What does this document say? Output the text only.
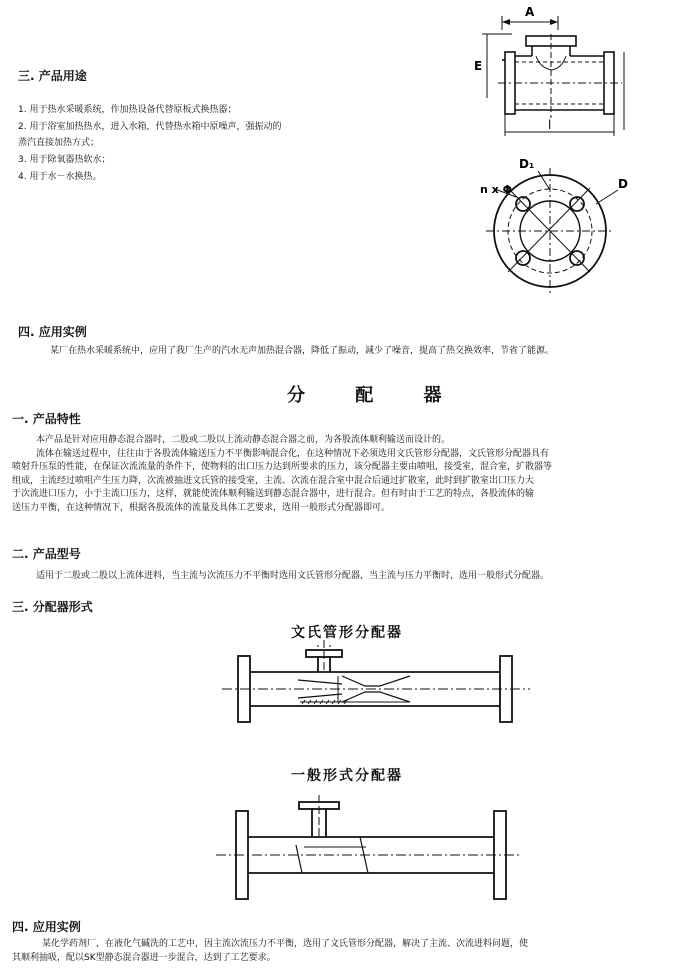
三. 产品用途
1. 用于热水采暖系统，作加热设备代替原板式换热器；
2. 用于浴室加热热水，进入水箱，代替热水箱中原噪声，强振动的
蒸汽直接加热方式；
3. 用于除氧器热软水；
4. 用于水－水换热。
A
E
l
D₁
n x Φ	D
四. 应用实例
某厂在热水采暖系统中，应用了我厂生产的汽水无声加热混合器，降低了振动，减少了噪音，提高了热交换效率，节省了能源。
分 配 器
一. 产品特性
本产品是针对应用静态混合器时，二股或二股以上流动静态混合器之前，为各股流体顺利输送而设计的。
流体在输送过程中，往往由于各股流体输送压力不平衡影响混合化，在这种情况下必须选用文氏管形分配器，文氏管形分配器具有
喷射升压泵的性能，在保证次流流量的条件下，使物料的出口压力达到所要求的压力，该分配器主要由喷咀，接受室，混合室，扩散器等
组成，主流经过喷咀产生压力降，次流被抽进文氏管的接受室，主流、次流在混合室中混合后通过扩散室，此时到扩散室出口压力大
于次流进口压力，小于主流口压力，这样，就能使流体顺利输送到静态混合器中，进行混合。但有时由于工艺的特点，各股流体的输
送压力平衡，在这种情况下，根据各股流体的流量及具体工艺要求，选用一般形式分配器即可。
二. 产品型号
适用于二股或二股以上流体进料，当主流与次流压力不平衡时选用文氏管形分配器，当主流与压力平衡时，选用一般形式分配器。
三. 分配器形式
文氏管形分配器
一般形式分配器
四. 应用实例
某化学药剂厂，在液化气碱洗的工艺中，因主流次流压力不平衡，选用了文氏管形分配器，解决了主流、次流进料问题，使
其顺利抽吸，配以SK型静态混合器进一步混合，达到了工艺要求。
